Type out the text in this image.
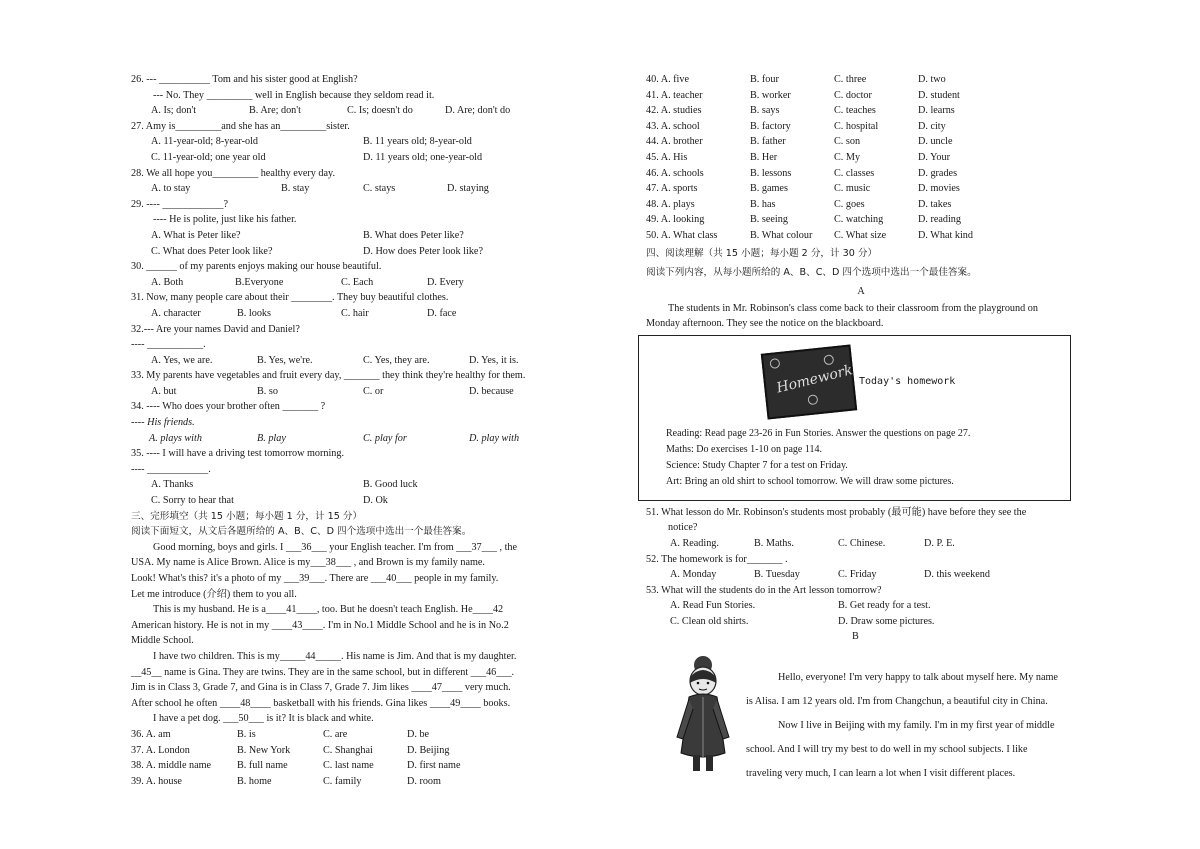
26. --- __________ Tom and his sister good at English?
--- No. They _________ well in English because they seldom read it.
A. Is; don't	B. Are; don't	C. Is; doesn't do	D. Are; don't do
27. Amy is_________and she has an_________sister.
A. 11-year-old; 8-year-old	B. 11 years old; 8-year-old
C. 11-year-old; one year old	D. 11 years old; one-year-old
28. We all hope you_________ healthy every day.
A. to stay	B. stay	C. stays	D. staying
29. ---- ____________?
---- He is polite, just like his father.
A. What is Peter like?	B. What does Peter like?
C. What does Peter look like?	D. How does Peter look like?
30. ______ of my parents enjoys making our house beautiful.
A. Both	B.Everyone	C. Each	D. Every
31. Now, many people care about their ________. They buy beautiful clothes.
A. character	B. looks	C. hair	D. face
32.--- Are your names David and Daniel?
---- ___________.
A. Yes, we are.	B. Yes, we're.	C. Yes, they are.	D. Yes, it is.
33. My parents have vegetables and fruit every day, _______ they think they're healthy for them.
A. but	B. so	C. or	D. because
34. ---- Who does your brother often _______ ?
---- His friends.
A. plays with	B. play	C. play for	D. play with
35. ---- I will have a driving test tomorrow morning.
---- ____________.
A. Thanks	B. Good luck
C. Sorry to hear that	D. Ok
三、完形填空（共 15 小题；每小题 1 分，计 15 分）
阅读下面短文，从文后各题所给的 A、B、C、D 四个选项中选出一个最佳答案。
Good morning, boys and girls. I ___36___ your English teacher. I'm from ___37___ , the
USA. My name is Alice Brown. Alice is my___38___ , and Brown is my family name.
Look! What's this? it's a photo of my ___39___. There are ___40___ people in my family.
Let me introduce (介绍) them to you all.
This is my husband. He is a____41____, too. But he doesn't teach English. He____42
American history. He is not in my ____43____. I'm in No.1 Middle School and he is in No.2
Middle School.
I have two children. This is my_____44_____. His name is Jim. And that is my daughter.
__45__ name is Gina. They are twins. They are in the same school, but in different ___46___.
Jim is in Class 3, Grade 7, and Gina is in Class 7, Grade 7. Jim likes ____47____ very much.
After school he often ____48____ basketball with his friends. Gina likes ____49____ books.
I have a pet dog. ___50___ is it? It is black and white.
36. A. am	B. is	C. are	D. be
37. A. London	B. New York	C. Shanghai	D. Beijing
38. A. middle name	B. full name	C. last name	D. first name
39. A. house	B. home	C. family	D. room
40. A. five	B. four	C. three	D. two
41. A. teacher	B. worker	C. doctor	D. student
42. A. studies	B. says	C. teaches	D. learns
43. A. school	B. factory	C. hospital	D. city
44. A. brother	B. father	C. son	D. uncle
45. A. His	B. Her	C. My	D. Your
46. A. schools	B. lessons	C. classes	D. grades
47. A. sports	B. games	C. music	D. movies
48. A. plays	B. has	C. goes	D. takes
49. A. looking	B. seeing	C. watching	D. reading
50. A. What class	B. What colour C. What size	D. What kind
四、阅读理解（共 15 小题；每小题 2 分，计 30 分）
阅读下列内容，从每小题所给的 A、B、C、D 四个选项中选出一个最佳答案。
A
The students in Mr. Robinson's class come back to their classroom from the playground on
Monday afternoon. They see the notice on the blackboard.
Homework Today's homework
Reading: Read page 23-26 in Fun Stories. Answer the questions on page 27.
Maths: Do exercises 1-10 on page 114.
Science: Study Chapter 7 for a test on Friday.
Art: Bring an old shirt to school tomorrow. We will draw some pictures.
51. What lesson do Mr. Robinson's students most probably (最可能) have before they see the
notice?
A. Reading.	B. Maths.	C. Chinese.	D. P. E.
52. The homework is for_______ .
A. Monday	B. Tuesday	C. Friday	D. this weekend
53. What will the students do in the Art lesson tomorrow?
A. Read Fun Stories.	B. Get ready for a test.
C. Clean old shirts.	D. Draw some pictures.
B
Hello, everyone! I'm very happy to talk about myself here. My name
is Alisa. I am 12 years old. I'm from Changchun, a beautiful city in China.
Now I live in Beijing with my family. I'm in my first year of middle
school. And I will try my best to do well in my school subjects. I like
traveling very much, I can learn a lot when I visit different places.
